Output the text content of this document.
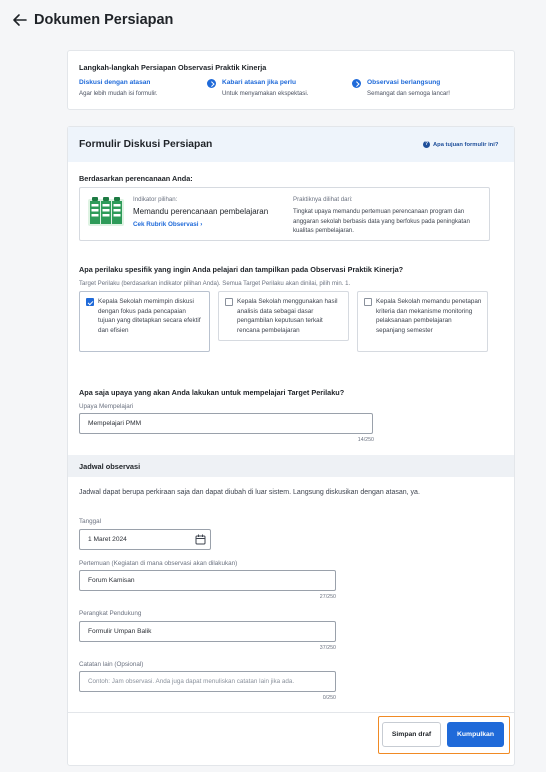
Dokumen Persiapan
Langkah-langkah Persiapan Observasi Praktik Kinerja
Diskusi dengan atasan
Agar lebih mudah isi formulir.
Kabari atasan jika perlu
Untuk menyamakan ekspektasi.
Observasi berlangsung
Semangat dan semoga lancar!
Formulir Diskusi Persiapan	? Apa tujuan formulir ini?
Berdasarkan perencanaan Anda:
Indikator pilihan:
Memandu perencanaan pembelajaran
Cek Rubrik Observasi ›
Praktiknya dilihat dari:
Tingkat upaya memandu pertemuan perencanaan program dan anggaran sekolah berbasis data yang berfokus pada peningkatan kualitas pembelajaran.
Apa perilaku spesifik yang ingin Anda pelajari dan tampilkan pada Observasi Praktik Kinerja?
Target Perilaku (berdasarkan indikator pilihan Anda). Semua Target Perilaku akan dinilai, pilih min. 1.
Kepala Sekolah memimpin diskusi dengan fokus pada pencapaian tujuan yang ditetapkan secara efektif dan efisien
Kepala Sekolah menggunakan hasil analisis data sebagai dasar pengambilan keputusan terkait rencana pembelajaran
Kepala Sekolah memandu penetapan kriteria dan mekanisme monitoring pelaksanaan pembelajaran sepanjang semester
Apa saja upaya yang akan Anda lakukan untuk mempelajari Target Perilaku?
Upaya Mempelajari
Mempelajari PMM
14/250
Jadwal observasi
Jadwal dapat berupa perkiraan saja dan dapat diubah di luar sistem. Langsung diskusikan dengan atasan, ya.
Tanggal
1 Maret 2024
Pertemuan (Kegiatan di mana observasi akan dilakukan)
Forum Kamisan
27/250
Perangkat Pendukung
Formulir Umpan Balik
37/250
Catatan lain (Opsional)
Contoh: Jam observasi. Anda juga dapat menuliskan catatan lain jika ada.
0/250
Simpan draf	Kumpulkan
